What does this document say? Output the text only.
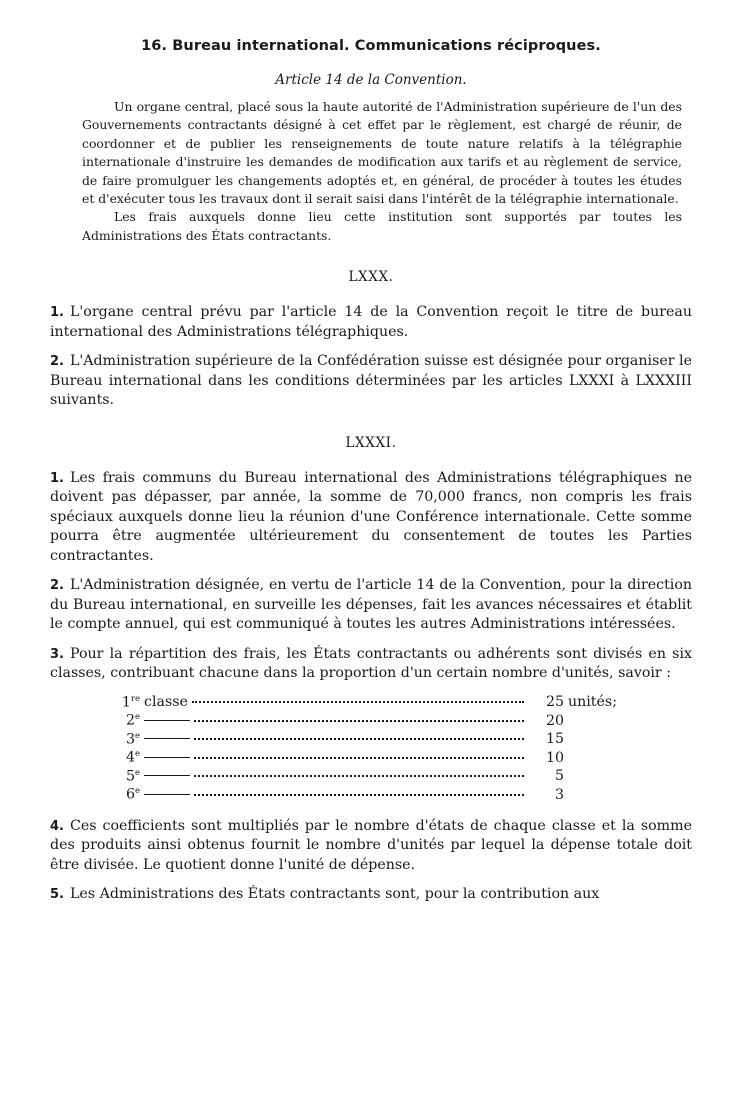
16. Bureau international. Communications réciproques.
Article 14 de la Convention.

Un organe central, placé sous la haute autorité de l'Administration supérieure de l'un des Gouvernements contractants désigné à cet effet par le règlement, est chargé de réunir, de coordonner et de publier les renseignements de toute nature relatifs à la télégraphie internationale d'instruire les demandes de modification aux tarifs et au règlement de service, de faire promulguer les changements adoptés et, en général, de procéder à toutes les études et d'exécuter tous les travaux dont il serait saisi dans l'intérêt de la télégraphie internationale.

Les frais auxquels donne lieu cette institution sont supportés par toutes les Administrations des États contractants.

LXXX.

1. L'organe central prévu par l'article 14 de la Convention reçoit le titre de bureau international des Administrations télégraphiques.

2. L'Administration supérieure de la Confédération suisse est désignée pour organiser le Bureau international dans les conditions déterminées par les articles LXXXI à LXXXIII suivants.

LXXXI.

1. Les frais communs du Bureau international des Administrations télégraphiques ne doivent pas dépasser, par année, la somme de 70,000 francs, non compris les frais spéciaux auxquels donne lieu la réunion d'une Conférence internationale. Cette somme pourra être augmentée ultérieurement du consentement de toutes les Parties contractantes.

2. L'Administration désignée, en vertu de l'article 14 de la Convention, pour la direction du Bureau international, en surveille les dépenses, fait les avances nécessaires et établit le compte annuel, qui est communiqué à toutes les autres Administrations intéressées.

3. Pour la répartition des frais, les États contractants ou adhérents sont divisés en six classes, contribuant chacune dans la proportion d'un certain nombre d'unités, savoir :

1re classe	25 unités;
2e	20
3e	15
4e	10
5e	5
6e	3

4. Ces coefficients sont multipliés par le nombre d'états de chaque classe et la somme des produits ainsi obtenus fournit le nombre d'unités par lequel la dépense totale doit être divisée. Le quotient donne l'unité de dépense.

5. Les Administrations des États contractants sont, pour la contribution aux
